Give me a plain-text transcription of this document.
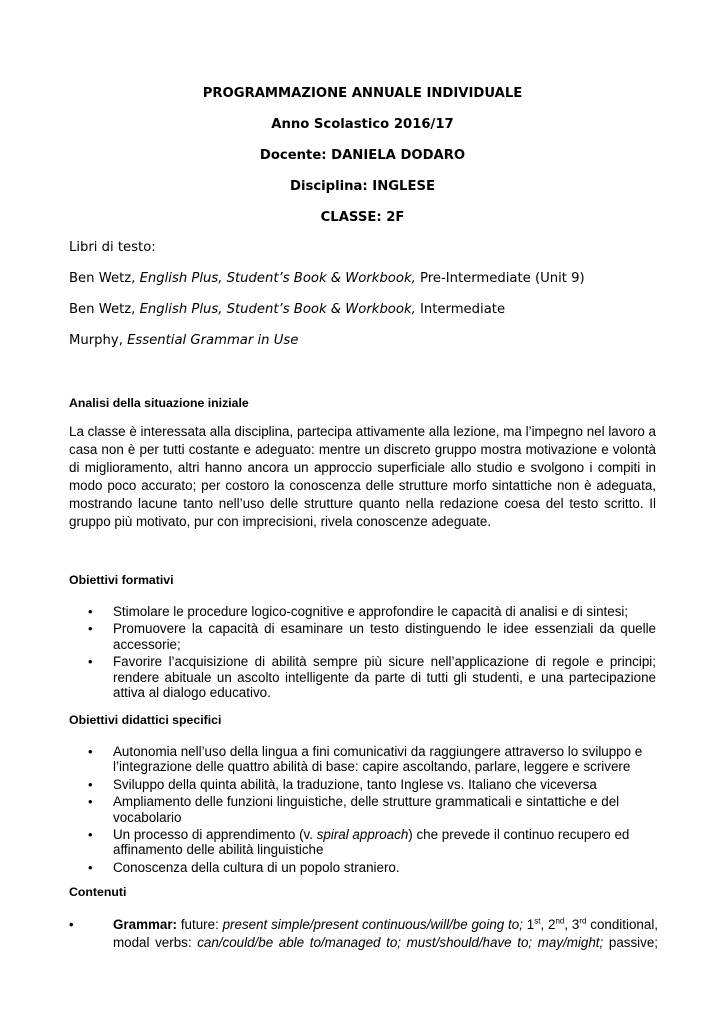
PROGRAMMAZIONE ANNUALE INDIVIDUALE
Anno Scolastico 2016/17
Docente: DANIELA DODARO
Disciplina: INGLESE
CLASSE: 2F
Libri di testo:
Ben Wetz, English Plus, Student’s Book & Workbook, Pre-Intermediate (Unit 9)
Ben Wetz, English Plus, Student’s Book & Workbook, Intermediate
Murphy, Essential Grammar in Use
Analisi della situazione iniziale
La classe è interessata alla disciplina, partecipa attivamente alla lezione, ma l’impegno nel lavoro a
casa non è per tutti costante e adeguato: mentre un discreto gruppo mostra motivazione e volontà
di miglioramento, altri hanno ancora un approccio superficiale allo studio e svolgono i compiti in
modo poco accurato; per costoro la conoscenza delle strutture morfo sintattiche non è adeguata,
mostrando lacune tanto nell’uso delle strutture quanto nella redazione coesa del testo scritto. Il
gruppo più motivato, pur con imprecisioni, rivela conoscenze adeguate.
Obiettivi formativi
• Stimolare le procedure logico-cognitive e approfondire le capacità di analisi e di sintesi;
• Promuovere la capacità di esaminare un testo distinguendo le idee essenziali da quelle accessorie;
• Favorire l’acquisizione di abilità sempre più sicure nell’applicazione di regole e principi; rendere abituale un ascolto intelligente da parte di tutti gli studenti, e una partecipazione attiva al dialogo educativo.
Obiettivi didattici specifici
• Autonomia nell’uso della lingua a fini comunicativi da raggiungere attraverso lo sviluppo e l’integrazione delle quattro abilità di base: capire ascoltando, parlare, leggere e scrivere
• Sviluppo della quinta abilità, la traduzione, tanto Inglese vs. Italiano che viceversa
• Ampliamento delle funzioni linguistiche, delle strutture grammaticali e sintattiche e del vocabolario
• Un processo di apprendimento (v. spiral approach) che prevede il continuo recupero ed affinamento delle abilità linguistiche
• Conoscenza della cultura di un popolo straniero.
Contenuti
•	Grammar: future: present simple/present continuous/will/be going to; 1st, 2nd, 3rd conditional,
modal verbs: can/could/be able to/managed to; must/should/have to; may/might; passive;
